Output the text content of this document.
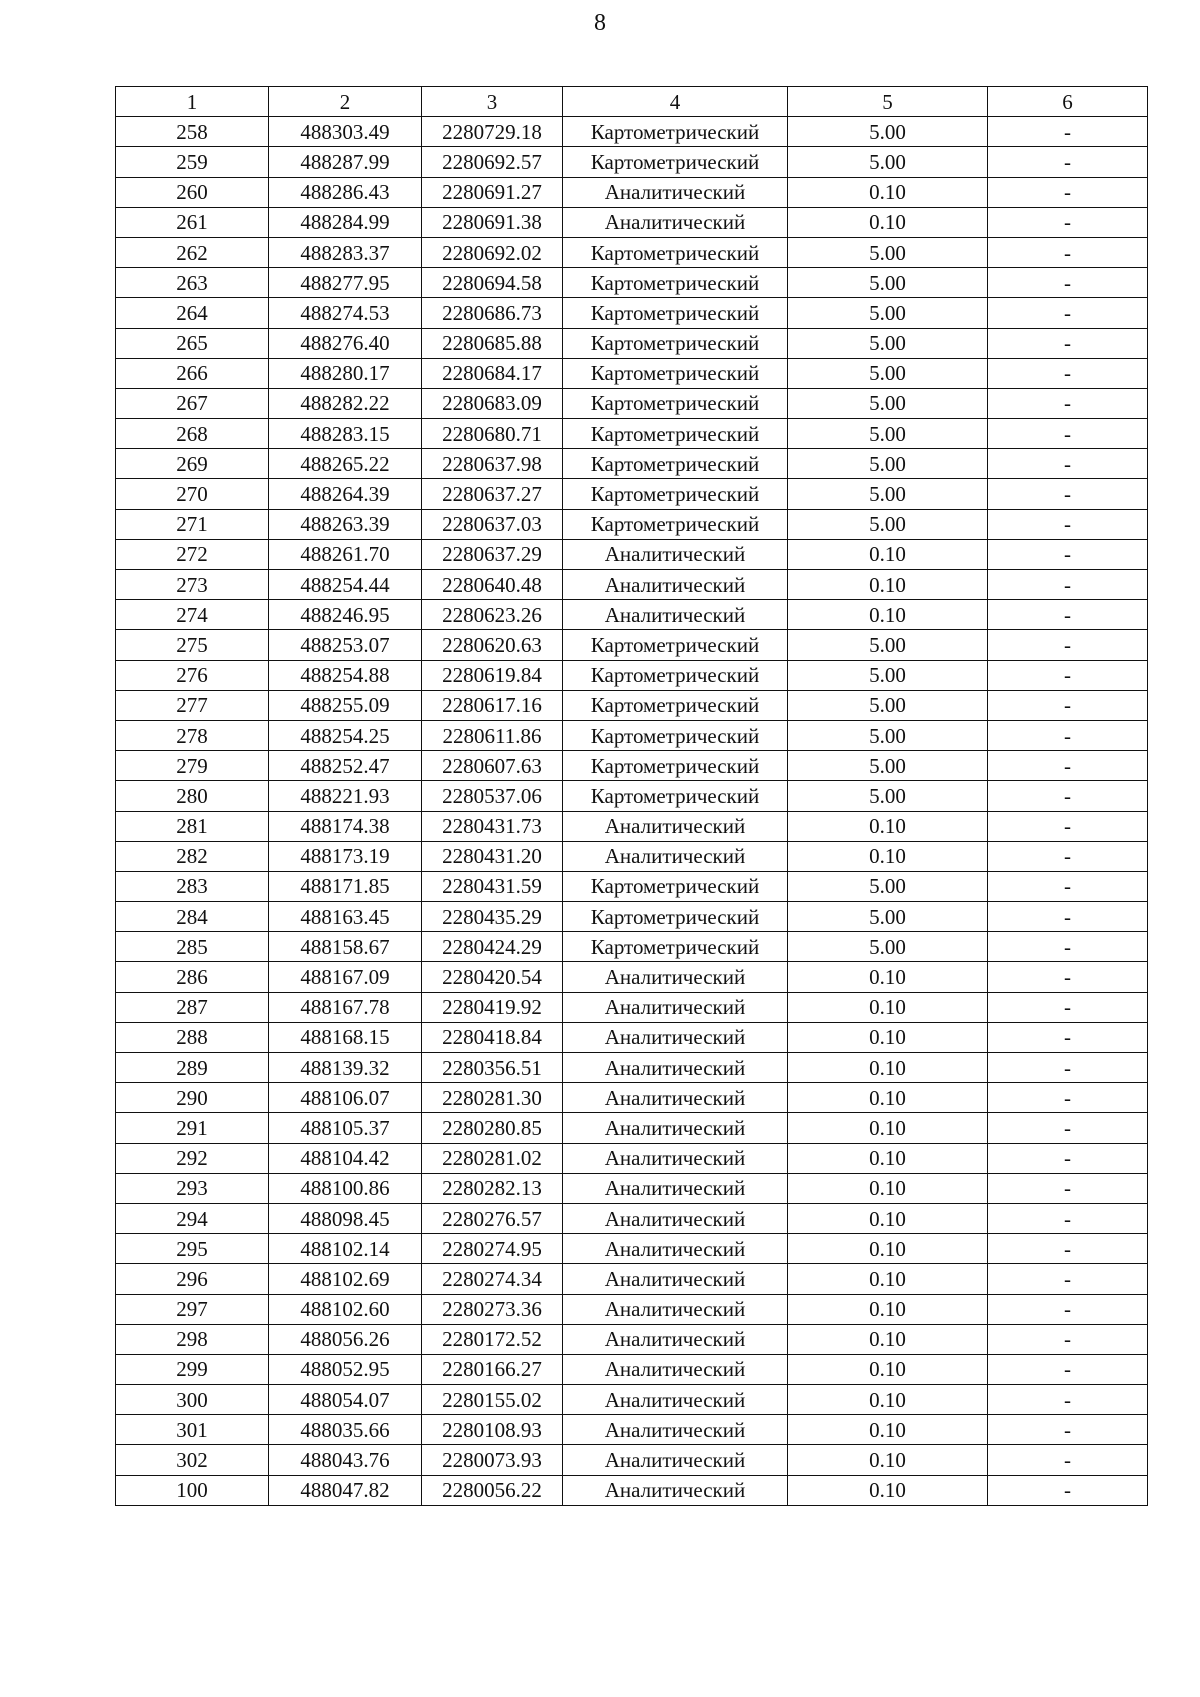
8
1	2	3	4	5	6
258	488303.49	2280729.18	Картометрический	5.00	-
259	488287.99	2280692.57	Картометрический	5.00	-
260	488286.43	2280691.27	Аналитический	0.10	-
261	488284.99	2280691.38	Аналитический	0.10	-
262	488283.37	2280692.02	Картометрический	5.00	-
263	488277.95	2280694.58	Картометрический	5.00	-
264	488274.53	2280686.73	Картометрический	5.00	-
265	488276.40	2280685.88	Картометрический	5.00	-
266	488280.17	2280684.17	Картометрический	5.00	-
267	488282.22	2280683.09	Картометрический	5.00	-
268	488283.15	2280680.71	Картометрический	5.00	-
269	488265.22	2280637.98	Картометрический	5.00	-
270	488264.39	2280637.27	Картометрический	5.00	-
271	488263.39	2280637.03	Картометрический	5.00	-
272	488261.70	2280637.29	Аналитический	0.10	-
273	488254.44	2280640.48	Аналитический	0.10	-
274	488246.95	2280623.26	Аналитический	0.10	-
275	488253.07	2280620.63	Картометрический	5.00	-
276	488254.88	2280619.84	Картометрический	5.00	-
277	488255.09	2280617.16	Картометрический	5.00	-
278	488254.25	2280611.86	Картометрический	5.00	-
279	488252.47	2280607.63	Картометрический	5.00	-
280	488221.93	2280537.06	Картометрический	5.00	-
281	488174.38	2280431.73	Аналитический	0.10	-
282	488173.19	2280431.20	Аналитический	0.10	-
283	488171.85	2280431.59	Картометрический	5.00	-
284	488163.45	2280435.29	Картометрический	5.00	-
285	488158.67	2280424.29	Картометрический	5.00	-
286	488167.09	2280420.54	Аналитический	0.10	-
287	488167.78	2280419.92	Аналитический	0.10	-
288	488168.15	2280418.84	Аналитический	0.10	-
289	488139.32	2280356.51	Аналитический	0.10	-
290	488106.07	2280281.30	Аналитический	0.10	-
291	488105.37	2280280.85	Аналитический	0.10	-
292	488104.42	2280281.02	Аналитический	0.10	-
293	488100.86	2280282.13	Аналитический	0.10	-
294	488098.45	2280276.57	Аналитический	0.10	-
295	488102.14	2280274.95	Аналитический	0.10	-
296	488102.69	2280274.34	Аналитический	0.10	-
297	488102.60	2280273.36	Аналитический	0.10	-
298	488056.26	2280172.52	Аналитический	0.10	-
299	488052.95	2280166.27	Аналитический	0.10	-
300	488054.07	2280155.02	Аналитический	0.10	-
301	488035.66	2280108.93	Аналитический	0.10	-
302	488043.76	2280073.93	Аналитический	0.10	-
100	488047.82	2280056.22	Аналитический	0.10	-
